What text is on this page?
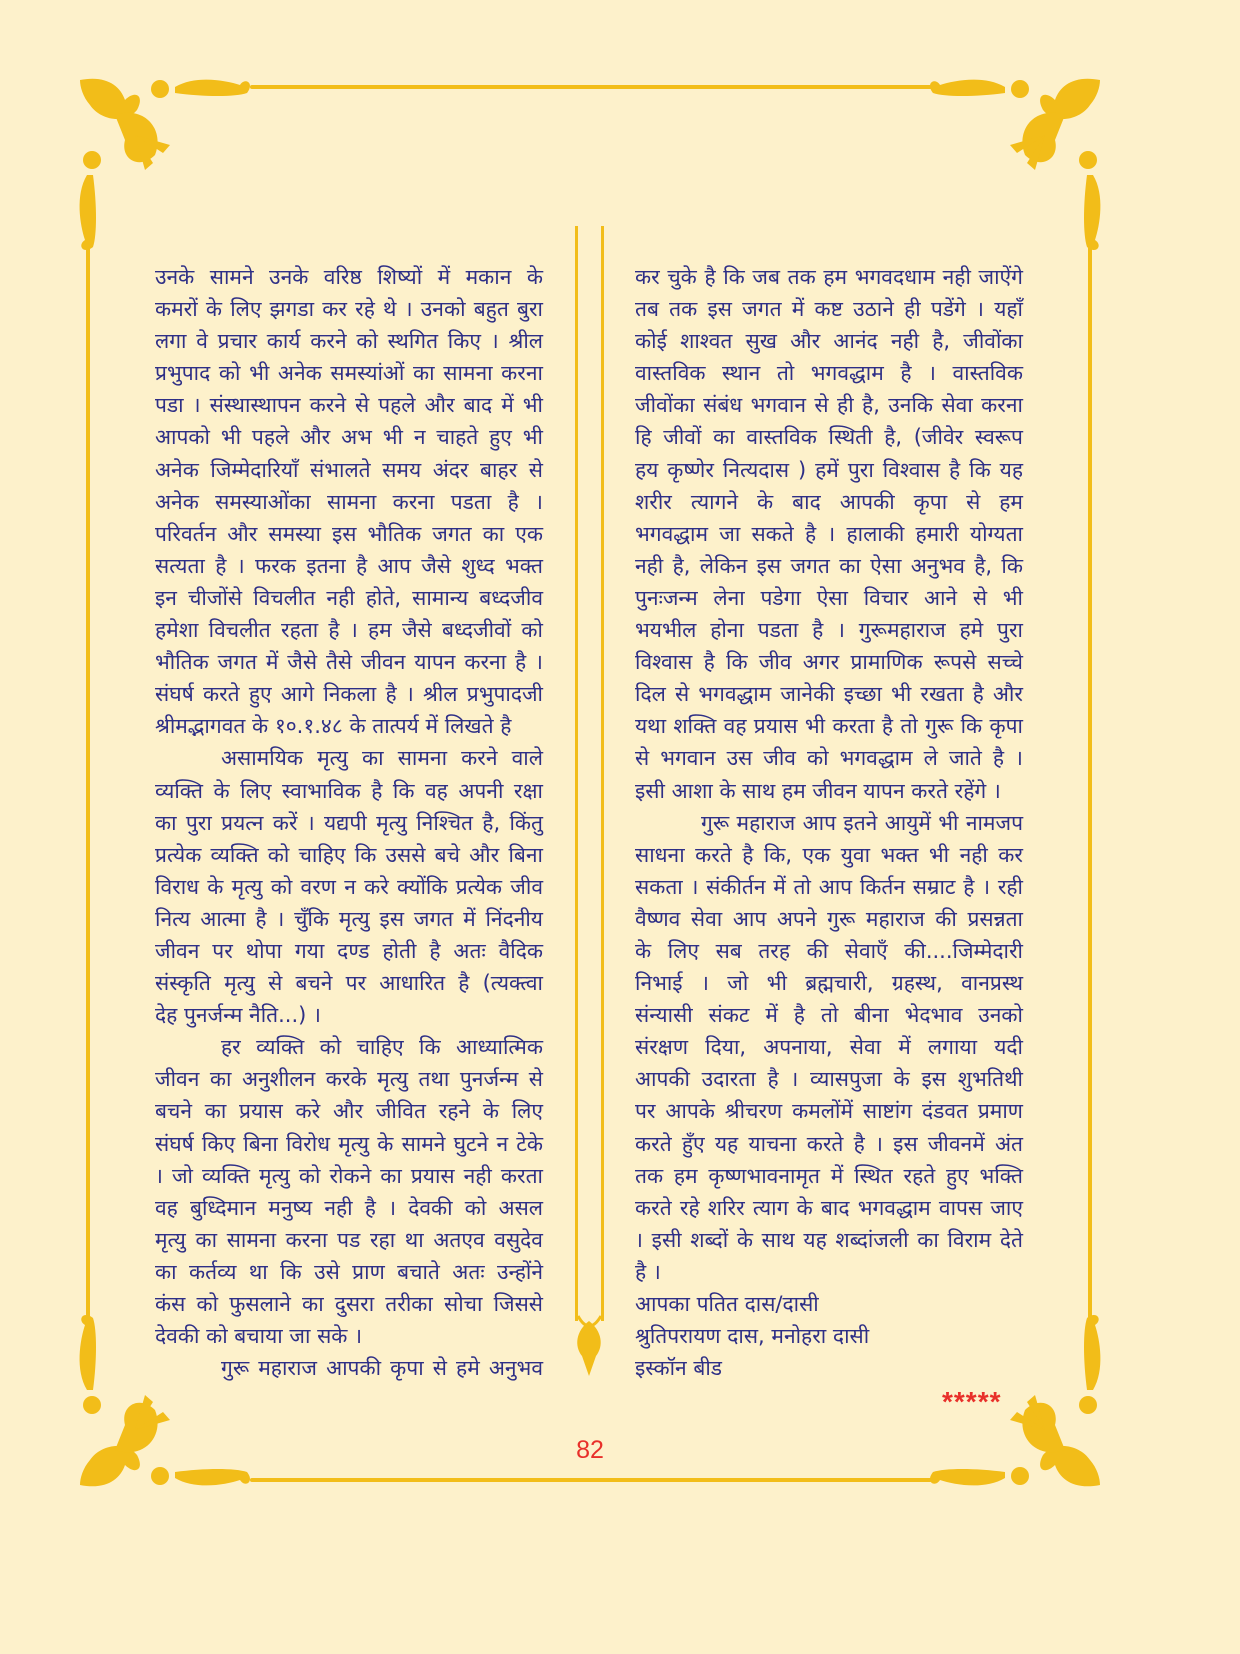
उनके सामने उनके वरिष्ठ शिष्यों में मकान के
कमरों के लिए झगडा कर रहे थे । उनको बहुत बुरा
लगा वे प्रचार कार्य करने को स्थगित किए । श्रील
प्रभुपाद को भी अनेक समस्यांओं का सामना करना
पडा । संस्थास्थापन करने से पहले और बाद में भी
आपको भी पहले और अभ भी न चाहते हुए भी
अनेक जिम्मेदारियाँ संभालते समय अंदर बाहर से
अनेक समस्याओंका सामना करना पडता है ।
परिवर्तन और समस्या इस भौतिक जगत का एक
सत्यता है । फरक इतना है आप जैसे शुध्द भक्त
इन चीजोंसे विचलीत नही होते, सामान्य बध्दजीव
हमेशा विचलीत रहता है । हम जैसे बध्दजीवों को
भौतिक जगत में जैसे तैसे जीवन यापन करना है ।
संघर्ष करते हुए आगे निकला है । श्रील प्रभुपादजी
श्रीमद्भागवत के १०.१.४८ के तात्पर्य में लिखते है
असामयिक मृत्यु का सामना करने वाले
व्यक्ति के लिए स्वाभाविक है कि वह अपनी रक्षा
का पुरा प्रयत्न करें । यद्यपी मृत्यु निश्चित है, किंतु
प्रत्येक व्यक्ति को चाहिए कि उससे बचे और बिना
विराध के मृत्यु को वरण न करे क्योंकि प्रत्येक जीव
नित्य आत्मा है । चुँकि मृत्यु इस जगत में निंदनीय
जीवन पर थोपा गया दण्ड होती है अतः वैदिक
संस्कृति मृत्यु से बचने पर आधारित है (त्यक्त्वा
देह पुनर्जन्म नैति...) ।
हर व्यक्ति को चाहिए कि आध्यात्मिक
जीवन का अनुशीलन करके मृत्यु तथा पुनर्जन्म से
बचने का प्रयास करे और जीवित रहने के लिए
संघर्ष किए बिना विरोध मृत्यु के सामने घुटने न टेके
। जो व्यक्ति मृत्यु को रोकने का प्रयास नही करता
वह बुध्दिमान मनुष्य नही है । देवकी को असल
मृत्यु का सामना करना पड रहा था अतएव वसुदेव
का कर्तव्य था कि उसे प्राण बचाते अतः उन्होंने
कंस को फुसलाने का दुसरा तरीका सोचा जिससे
देवकी को बचाया जा सके ।
गुरू महाराज आपकी कृपा से हमे अनुभव
कर चुके है कि जब तक हम भगवदधाम नही जाऐंगे
तब तक इस जगत में कष्ट उठाने ही पडेंगे । यहाँ
कोई शाश्वत सुख और आनंद नही है, जीवोंका
वास्तविक स्थान तो भगवद्धाम है । वास्तविक
जीवोंका संबंध भगवान से ही है, उनकि सेवा करना
हि जीवों का वास्तविक स्थिती है, (जीवेर स्वरूप
हय कृष्णेर नित्यदास ) हमें पुरा विश्वास है कि यह
शरीर त्यागने के बाद आपकी कृपा से हम
भगवद्धाम जा सकते है । हालाकी हमारी योग्यता
नही है, लेकिन इस जगत का ऐसा अनुभव है, कि
पुनःजन्म लेना पडेगा ऐसा विचार आने से भी
भयभील होना पडता है । गुरूमहाराज हमे पुरा
विश्वास है कि जीव अगर प्रामाणिक रूपसे सच्चे
दिल से भगवद्धाम जानेकी इच्छा भी रखता है और
यथा शक्ति वह प्रयास भी करता है तो गुरू कि कृपा
से भगवान उस जीव को भगवद्धाम ले जाते है ।
इसी आशा के साथ हम जीवन यापन करते रहेंगे ।
गुरू महाराज आप इतने आयुमें भी नामजप
साधना करते है कि, एक युवा भक्त भी नही कर
सकता । संकीर्तन में तो आप किर्तन सम्राट है । रही
वैष्णव सेवा आप अपने गुरू महाराज की प्रसन्नता
के लिए सब तरह की सेवाएँ की....जिम्मेदारी
निभाई । जो भी ब्रह्मचारी, ग्रहस्थ, वानप्रस्थ
संन्यासी संकट में है तो बीना भेदभाव उनको
संरक्षण दिया, अपनाया, सेवा में लगाया यदी
आपकी उदारता है । व्यासपुजा के इस शुभतिथी
पर आपके श्रीचरण कमलोंमें साष्टांग दंडवत प्रमाण
करते हुँए यह याचना करते है । इस जीवनमें अंत
तक हम कृष्णभावनामृत में स्थित रहते हुए भक्ति
करते रहे शरिर त्याग के बाद भगवद्धाम वापस जाए
। इसी शब्दों के साथ यह शब्दांजली का विराम देते
है ।
आपका पतित दास/दासी
श्रुतिपरायण दास, मनोहरा दासी
इस्कॉन बीड
*****
82
